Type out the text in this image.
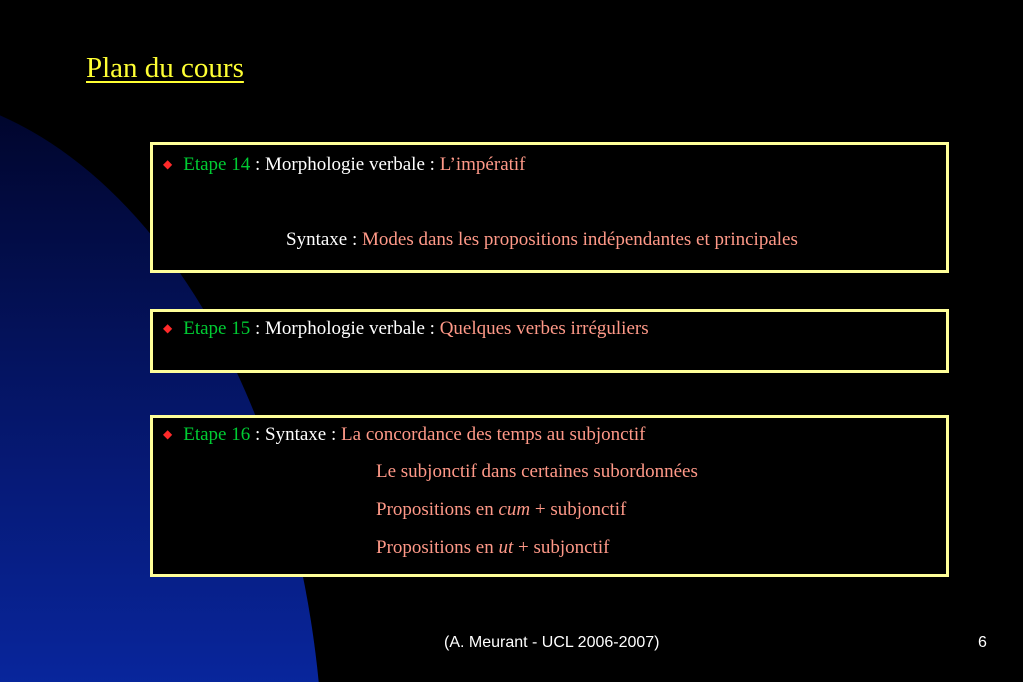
Plan du cours
◆ Etape 14 : Morphologie verbale : L’impératif
Syntaxe : Modes dans les propositions indépendantes et principales
◆ Etape 15 : Morphologie verbale : Quelques verbes irréguliers
◆ Etape 16 : Syntaxe : La concordance des temps au subjonctif
Le subjonctif dans certaines subordonnées
Propositions en cum + subjonctif
Propositions en ut + subjonctif
(A. Meurant - UCL 2006-2007)	6
